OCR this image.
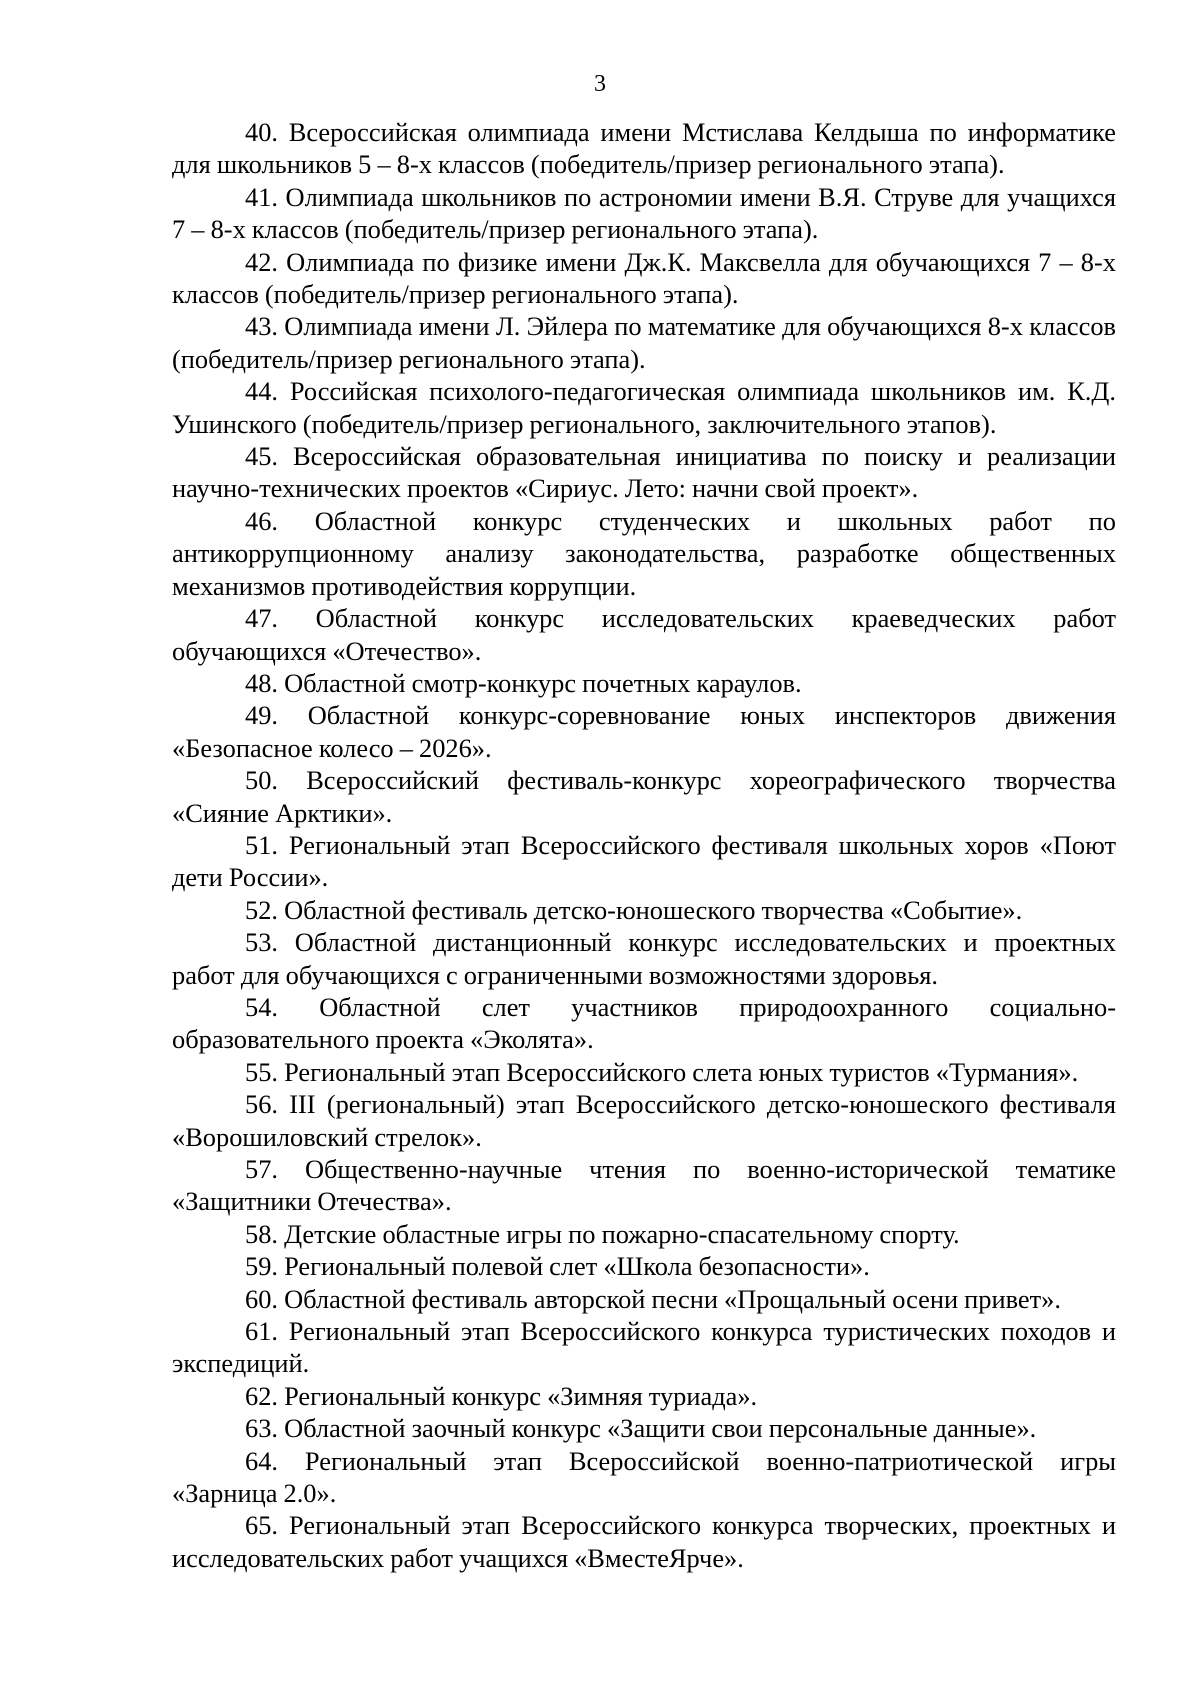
3

40. Всероссийская олимпиада имени Мстислава Келдыша по информатике для школьников 5 – 8-х классов (победитель/призер регионального этапа).

41. Олимпиада школьников по астрономии имени В.Я. Струве для учащихся 7 – 8-х классов (победитель/призер регионального этапа).

42. Олимпиада по физике имени Дж.К. Максвелла для обучающихся 7 – 8-х классов (победитель/призер регионального этапа).

43. Олимпиада имени Л. Эйлера по математике для обучающихся 8-х классов (победитель/призер регионального этапа).

44. Российская психолого-педагогическая олимпиада школьников им. К.Д. Ушинского (победитель/призер регионального, заключительного этапов).

45. Всероссийская образовательная инициатива по поиску и реализации научно-технических проектов «Сириус. Лето: начни свой проект».

46. Областной конкурс студенческих и школьных работ по антикоррупционному анализу законодательства, разработке общественных механизмов противодействия коррупции.

47. Областной конкурс исследовательских краеведческих работ обучающихся «Отечество».

48. Областной смотр-конкурс почетных караулов.

49. Областной конкурс-соревнование юных инспекторов движения «Безопасное колесо – 2026».

50. Всероссийский фестиваль-конкурс хореографического творчества «Сияние Арктики».

51. Региональный этап Всероссийского фестиваля школьных хоров «Поют дети России».

52. Областной фестиваль детско-юношеского творчества «Событие».

53. Областной дистанционный конкурс исследовательских и проектных работ для обучающихся с ограниченными возможностями здоровья.

54. Областной слет участников природоохранного социально-образовательного проекта «Эколята».

55. Региональный этап Всероссийского слета юных туристов «Турмания».

56. III (региональный) этап Всероссийского детско-юношеского фестиваля «Ворошиловский стрелок».

57. Общественно-научные чтения по военно-исторической тематике «Защитники Отечества».

58. Детские областные игры по пожарно-спасательному спорту.

59. Региональный полевой слет «Школа безопасности».

60. Областной фестиваль авторской песни «Прощальный осени привет».

61. Региональный этап Всероссийского конкурса туристических походов и экспедиций.

62. Региональный конкурс «Зимняя туриада».

63. Областной заочный конкурс «Защити свои персональные данные».

64. Региональный этап Всероссийской военно-патриотической игры «Зарница 2.0».

65. Региональный этап Всероссийского конкурса творческих, проектных и исследовательских работ учащихся «ВместеЯрче».
